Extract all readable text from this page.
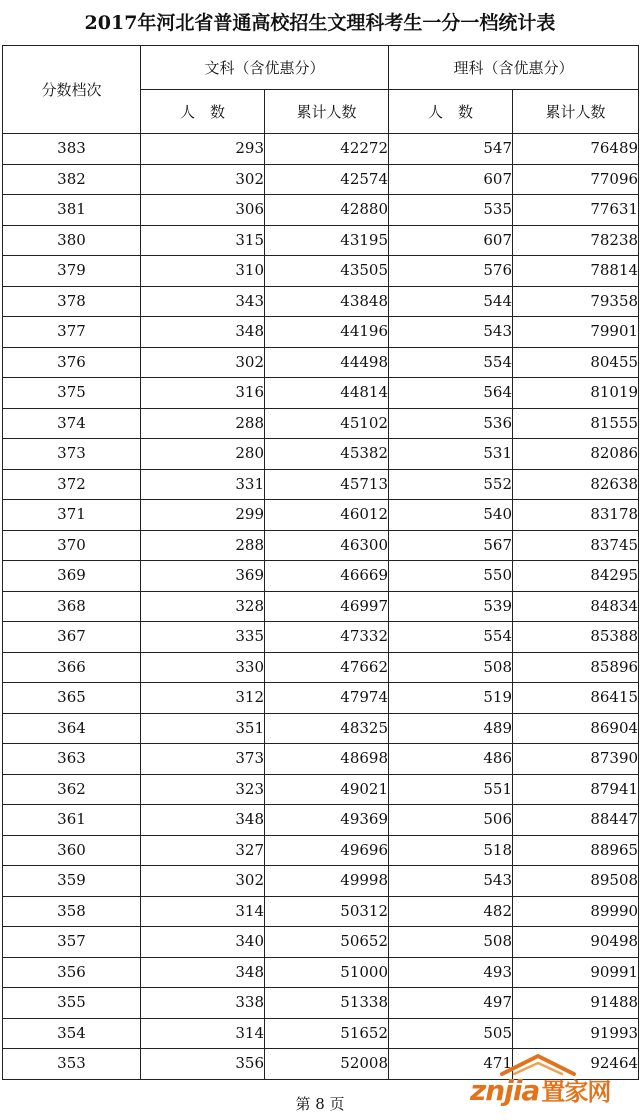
2017年河北省普通高校招生文理科考生一分一档统计表
分数档次	文科（含优惠分）		理科（含优惠分）	
	人　数	累计人数	人　数	累计人数
383	293	42272	547	76489
382	302	42574	607	77096
381	306	42880	535	77631
380	315	43195	607	78238
379	310	43505	576	78814
378	343	43848	544	79358
377	348	44196	543	79901
376	302	44498	554	80455
375	316	44814	564	81019
374	288	45102	536	81555
373	280	45382	531	82086
372	331	45713	552	82638
371	299	46012	540	83178
370	288	46300	567	83745
369	369	46669	550	84295
368	328	46997	539	84834
367	335	47332	554	85388
366	330	47662	508	85896
365	312	47974	519	86415
364	351	48325	489	86904
363	373	48698	486	87390
362	323	49021	551	87941
361	348	49369	506	88447
360	327	49696	518	88965
359	302	49998	543	89508
358	314	50312	482	89990
357	340	50652	508	90498
356	348	51000	493	90991
355	338	51338	497	91488
354	314	51652	505	91993
353	356	52008	471	92464
第 8 页	znjia置家网
